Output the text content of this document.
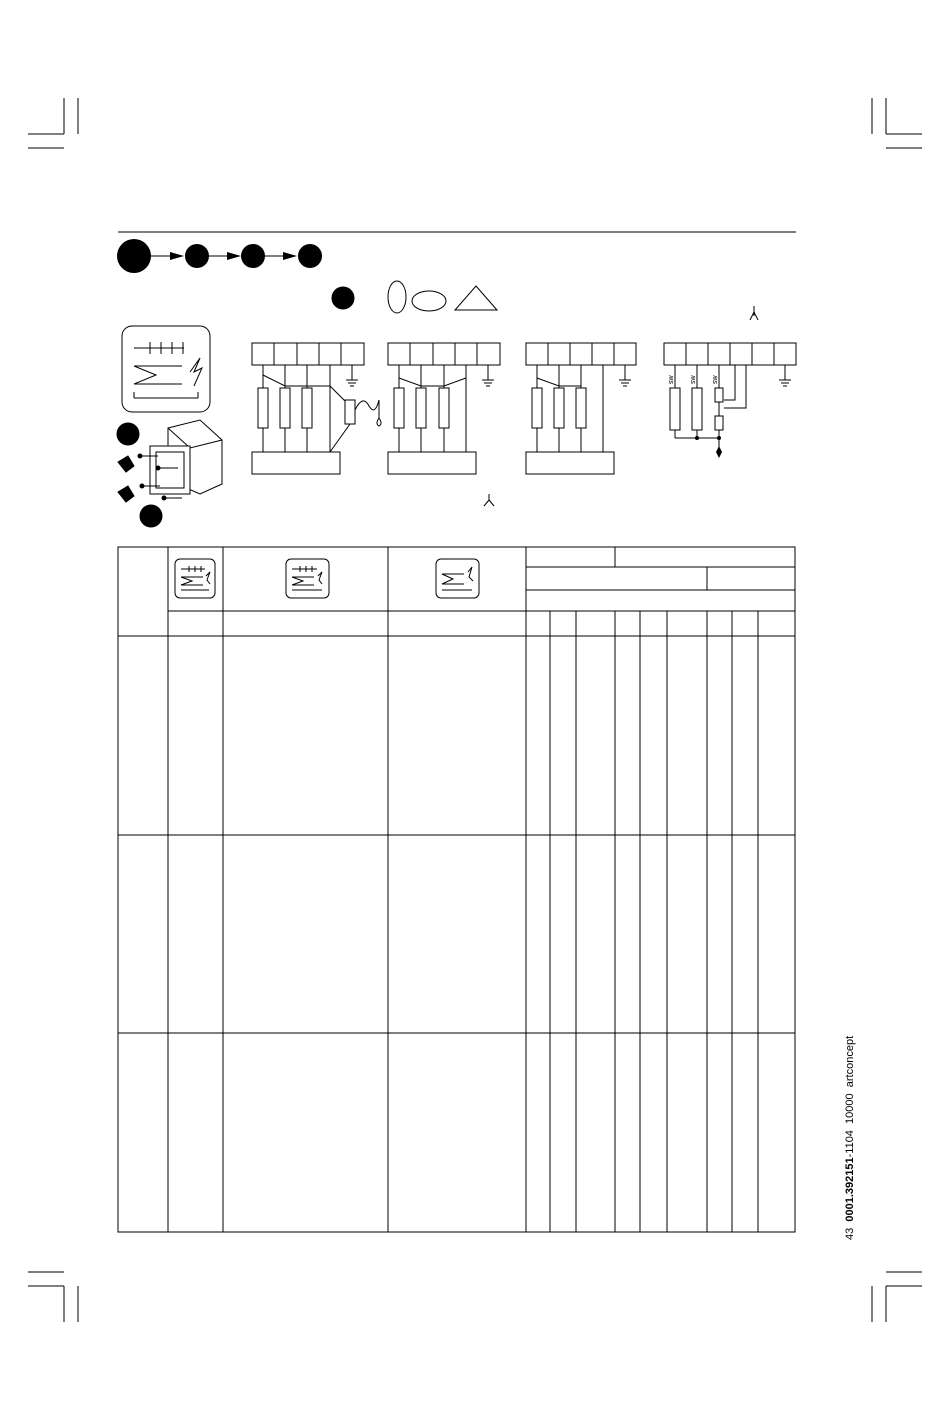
sw sw sw
43  0001.392151-1104  10000  artconcept
